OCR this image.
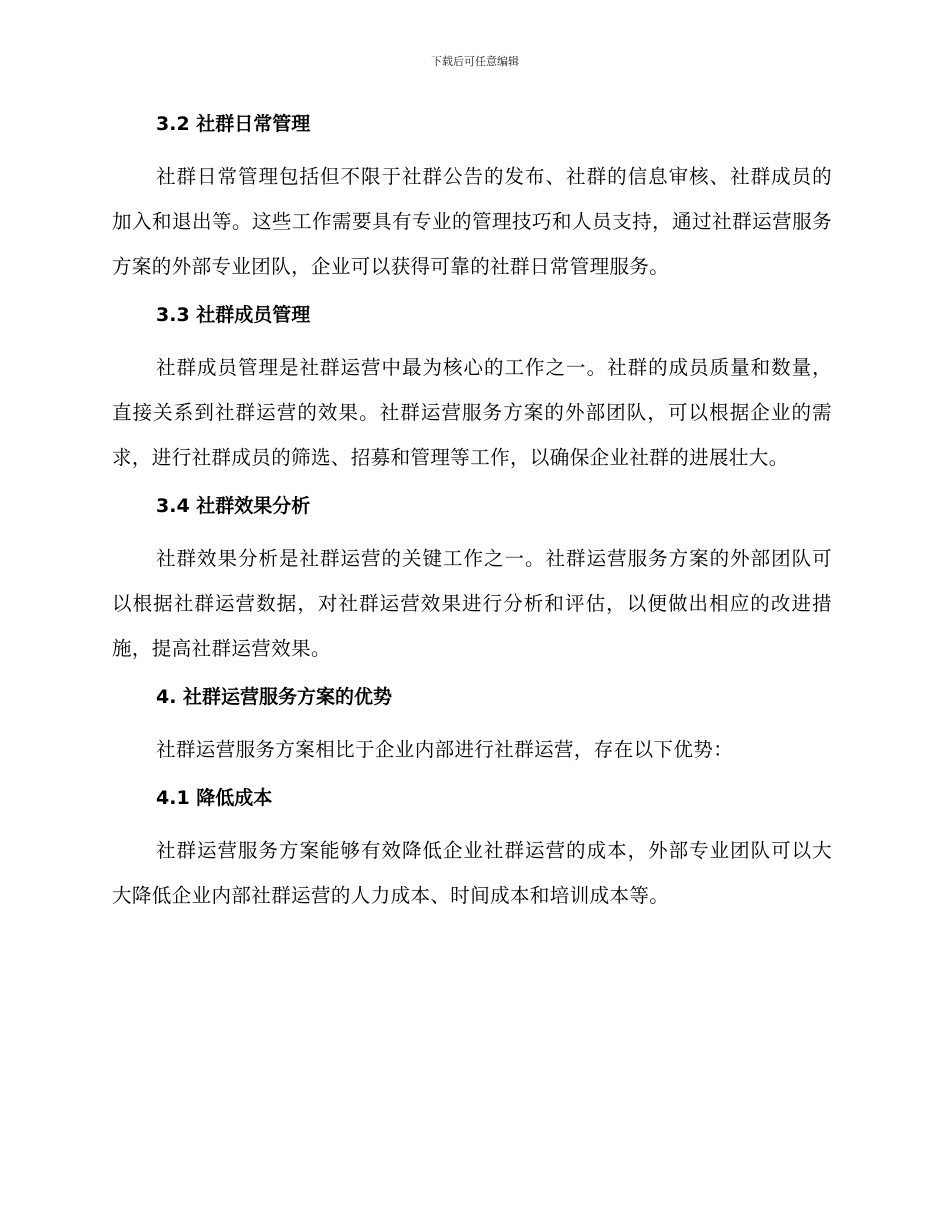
下载后可任意编辑
3.2 社群日常管理

社群日常管理包括但不限于社群公告的发布、社群的信息审核、社群成员的加入和退出等。这些工作需要具有专业的管理技巧和人员支持，通过社群运营服务方案的外部专业团队，企业可以获得可靠的社群日常管理服务。

3.3 社群成员管理

社群成员管理是社群运营中最为核心的工作之一。社群的成员质量和数量，直接关系到社群运营的效果。社群运营服务方案的外部团队，可以根据企业的需求，进行社群成员的筛选、招募和管理等工作，以确保企业社群的进展壮大。

3.4 社群效果分析

社群效果分析是社群运营的关键工作之一。社群运营服务方案的外部团队可以根据社群运营数据，对社群运营效果进行分析和评估，以便做出相应的改进措施，提高社群运营效果。

4. 社群运营服务方案的优势

社群运营服务方案相比于企业内部进行社群运营，存在以下优势：

4.1 降低成本

社群运营服务方案能够有效降低企业社群运营的成本，外部专业团队可以大大降低企业内部社群运营的人力成本、时间成本和培训成本等。
